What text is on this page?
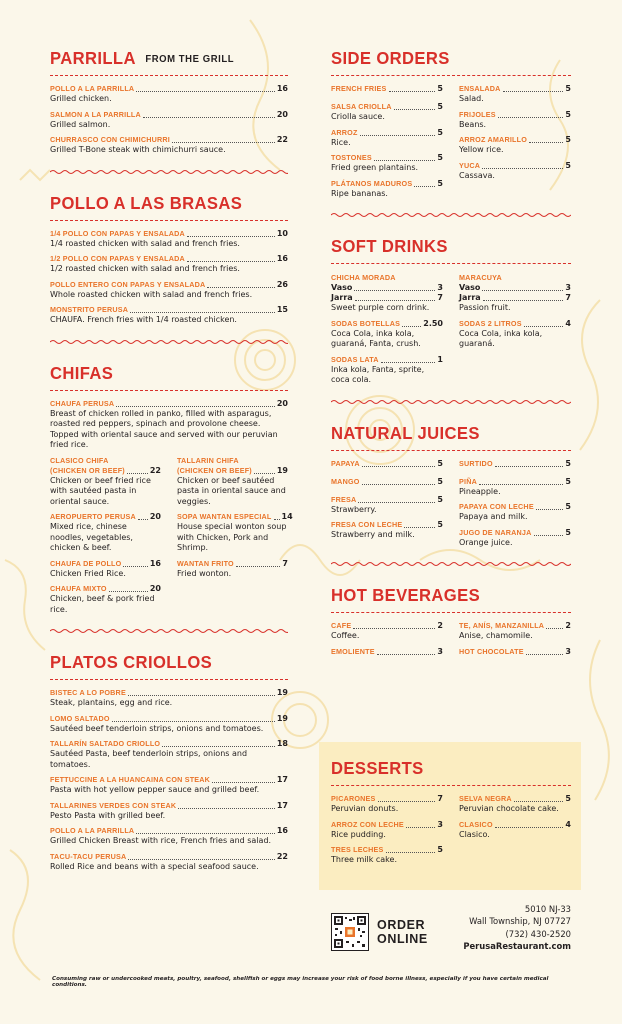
PARRILLA $^{FROM THE GRILL}$
POLLO A LA PARRILLA	16
Grilled chicken.
SALMON A LA PARRILLA	20
Grilled salmon.
CHURRASCO CON CHIMICHURRI	22
Grilled T-Bone steak with chimichurri sauce.
POLLO A LAS BRASAS
1/4 POLLO CON PAPAS Y ENSALADA	10
1/4 roasted chicken with salad and french fries.
1/2 POLLO CON PAPAS Y ENSALADA	16
1/2 roasted chicken with salad and french fries.
POLLO ENTERO CON PAPAS Y ENSALADA	26
Whole roasted chicken with salad and french fries.
MONSTRITO PERUSA	15
CHAUFA. French fries with 1/4 roasted chicken.
CHIFAS
CHAUFA PERUSA	20
Breast of chicken rolled in panko, filled with asparagus, roasted red peppers, spinach and provolone cheese. Topped with oriental sauce and served with our peruvian fried rice.
CLASICO CHIFA
(CHICKEN OR BEEF)	22
Chicken or beef fried rice with sautéed pasta in oriental sauce.
AEROPUERTO PERUSA 20
Mixed rice, chinese noodles, vegetables, chicken & beef.
CHAUFA DE POLLO	16
Chicken Fried Rice.
CHAUFA MIXTO	20
Chicken, beef & pork fried rice.
TALLARIN CHIFA
(CHICKEN OR BEEF)	19
Chicken or beef sautéed pasta in oriental sauce and veggies.
SOPA WANTAN ESPECIAL 14
House special wonton soup with Chicken, Pork and Shrimp.
WANTAN FRITO	7
Fried wonton.
PLATOS CRIOLLOS
BISTEC A LO POBRE	19
Steak, plantains, egg and rice.
LOMO SALTADO	19
Sautéed beef tenderloin strips, onions and tomatoes.
TALLARÍN SALTADO CRIOLLO	18
Sautéed Pasta, beef tenderloin strips, onions and tomatoes.
FETTUCCINE A LA HUANCAINA CON STEAK	17
Pasta with hot yellow pepper sauce and grilled beef.
TALLARINES VERDES CON STEAK	17
Pesto Pasta with grilled beef.
POLLO A LA PARRILLA	16
Grilled Chicken Breast with rice, French fries and salad.
TACU-TACU PERUSA	22
Rolled Rice and beans with a special seafood sauce.
SIDE ORDERS
FRENCH FRIES	5
SALSA CRIOLLA	5
Criolla sauce.
ARROZ	5
Rice.
TOSTONES	5
Fried green plantains.
PLÁTANOS MADUROS	5
Ripe bananas.
ENSALADA	5
Salad.
FRIJOLES	5
Beans.
ARROZ AMARILLO	5
Yellow rice.
YUCA	5
Cassava.
SOFT DRINKS
CHICHA MORADA
Vaso	3
Jarra	7
Sweet purple corn drink.
SODAS BOTELLAS	2.50
Coca Cola, inka kola, guaraná, Fanta, crush.
SODAS LATA	1
Inka kola, Fanta, sprite, coca cola.
MARACUYA
Vaso	3
Jarra	7
Passion fruit.
SODAS 2 LITROS	4
Coca Cola, inka kola, guaraná.
NATURAL JUICES
PAPAYA	5
MANGO	5
FRESA	5
Strawberry.
FRESA CON LECHE	5
Strawberry and milk.
SURTIDO	5
PIÑA	5
Pineapple.
PAPAYA CON LECHE	5
Papaya and milk.
JUGO DE NARANJA	5
Orange juice.
HOT BEVERAGES
CAFE	2
Coffee.
EMOLIENTE	3
TE, ANÍS, MANZANILLA	2
Anise, chamomile.
HOT CHOCOLATE	3
DESSERTS
PICARONES	7
Peruvian donuts.
ARROZ CON LECHE	3
Rice pudding.
TRES LECHES	5
Three milk cake.
SELVA NEGRA	5
Peruvian chocolate cake.
CLASICO	4
Clasico.
ORDER
ONLINE
5010 NJ-33
Wall Township, NJ 07727
(732) 430-2520
PerusaRestaurant.com
Consuming raw or undercooked meats, poultry, seafood, shellfish or eggs may increase your risk of food borne illness, especially if you have certain medical conditions.
